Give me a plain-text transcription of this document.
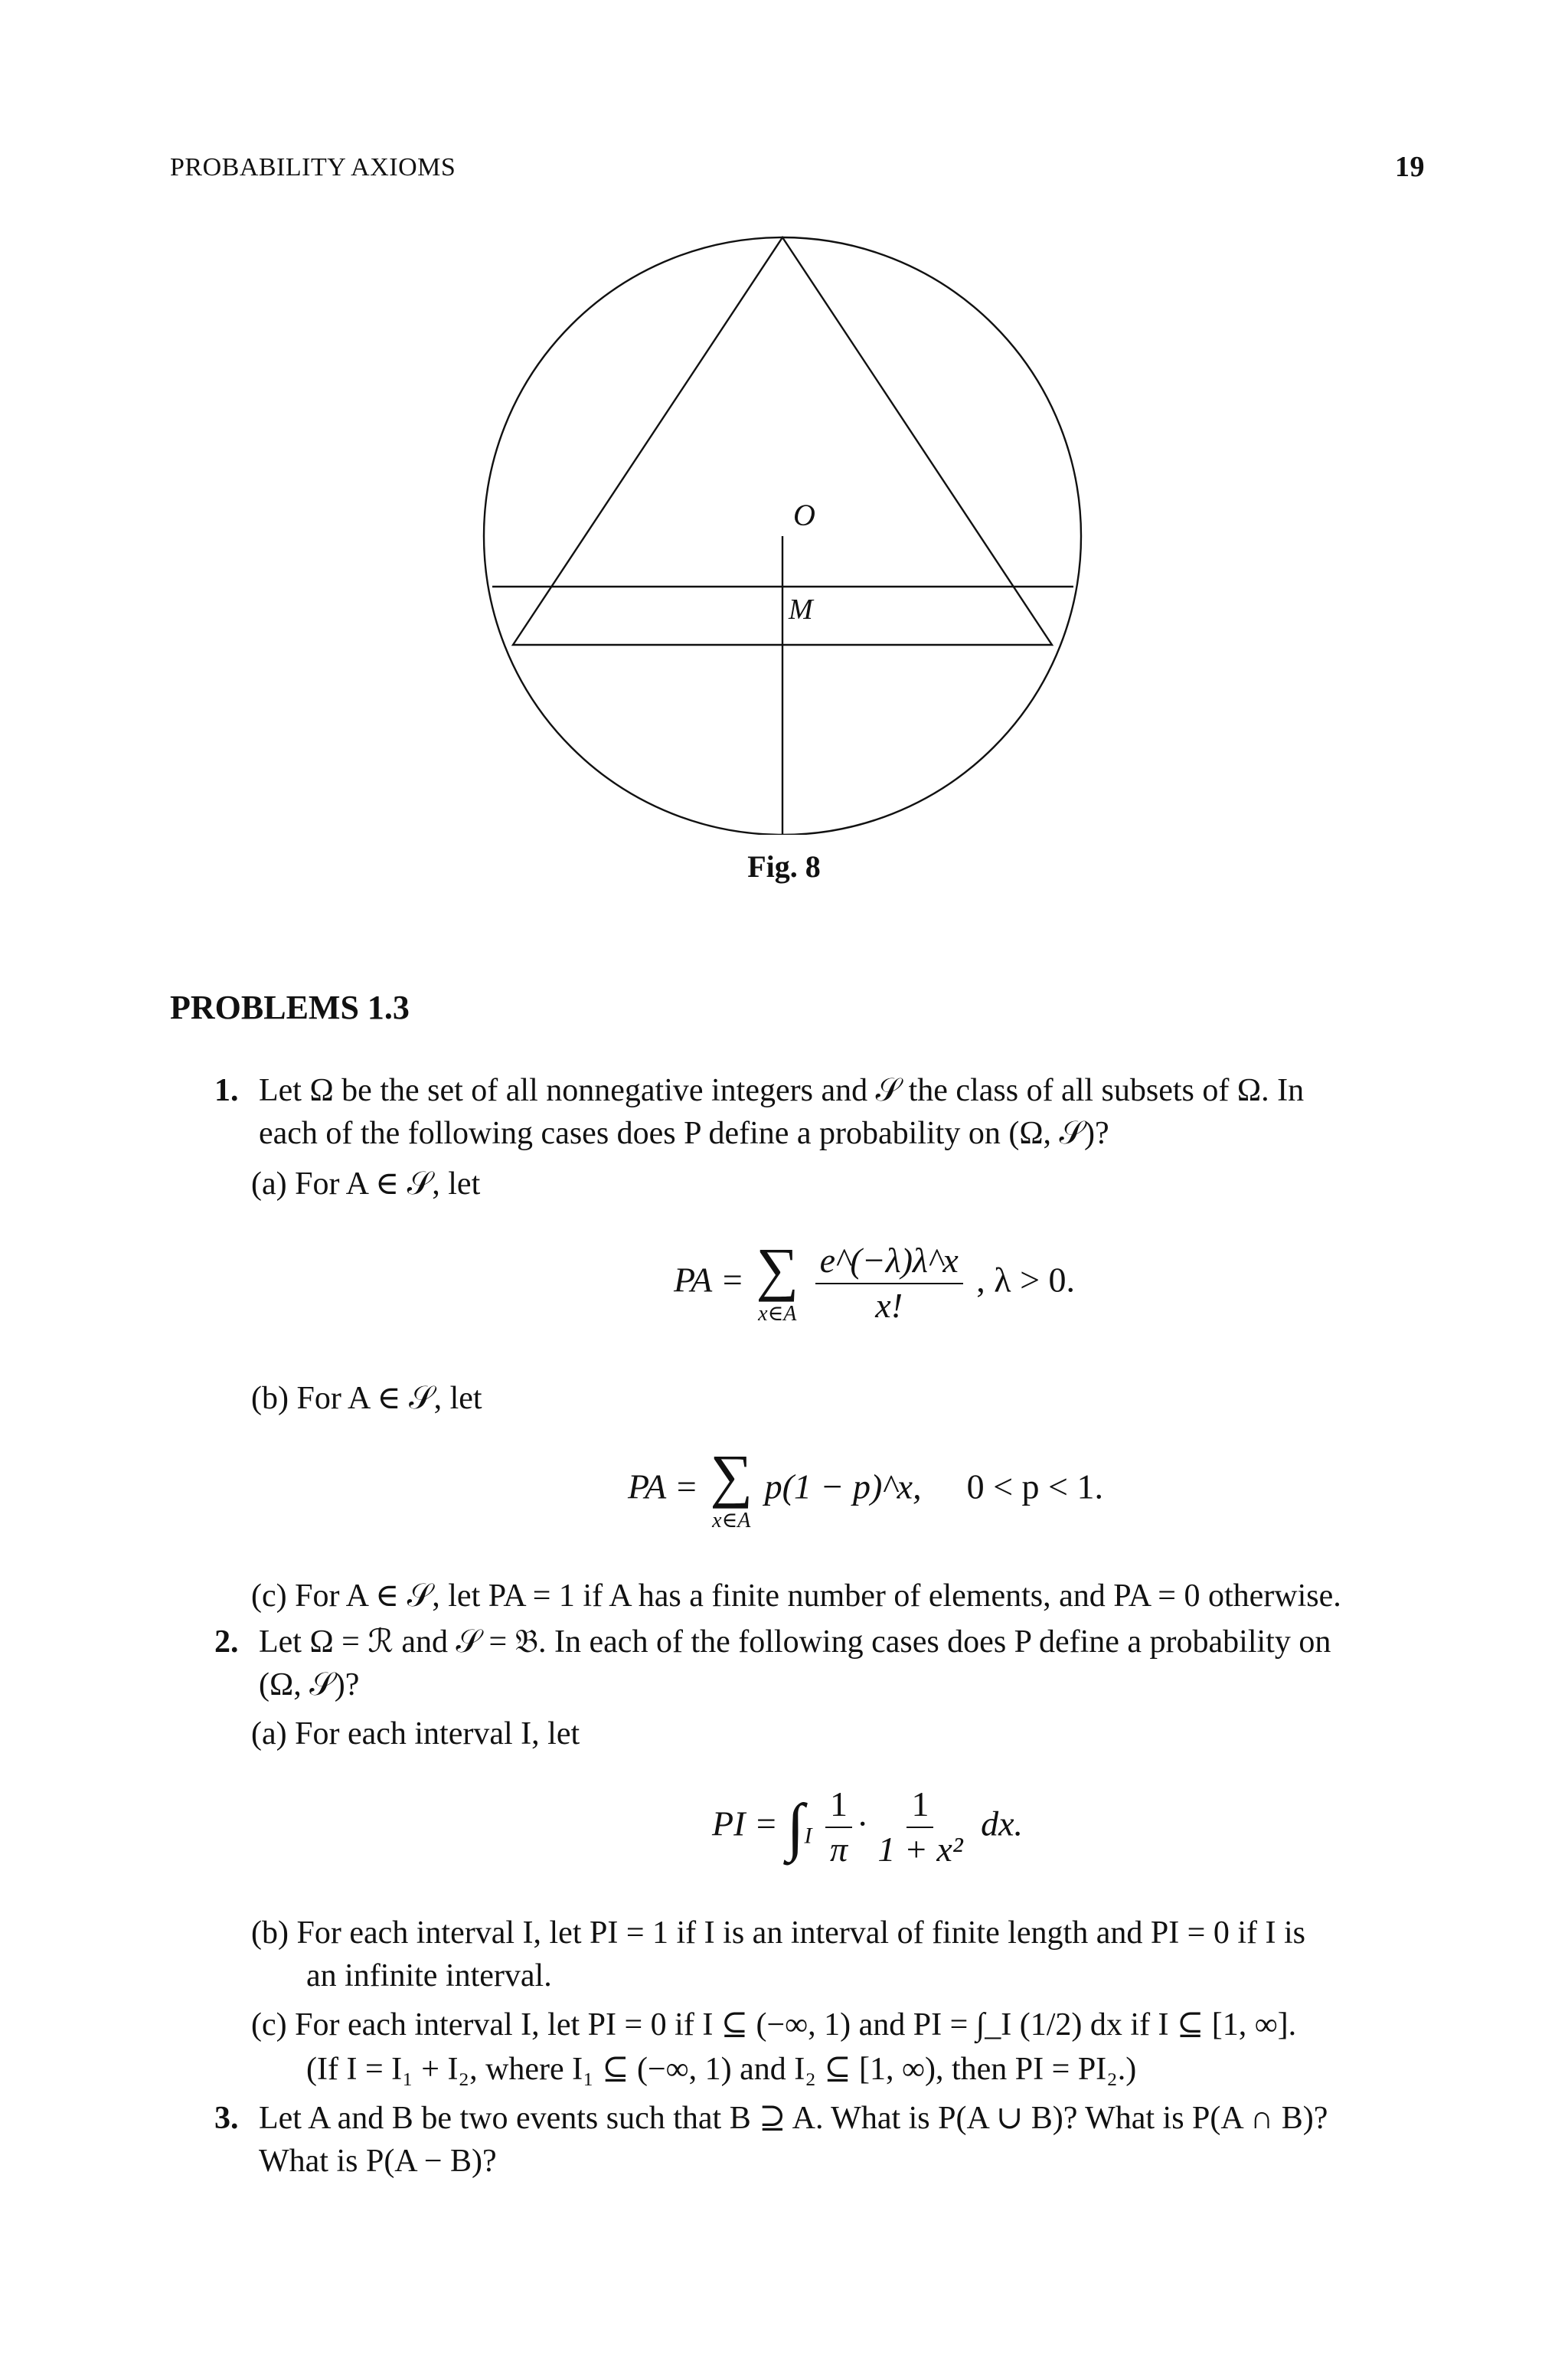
PROBABILITY AXIOMS	19
O
M
Fig. 8
PROBLEMS 1.3
1. Let Ω be the set of all nonnegative integers and 𝒮 the class of all subsets of Ω. In
each of the following cases does P define a probability on (Ω, 𝒮)?
(a) For A ∈ 𝒮, let
PA = ∑
x∈A
$\frac{e\^{}(-\lambda)\lambda\^{}x}{x!}$ , λ > 0.
(b) For A ∈ 𝒮, let
PA = ∑
x∈A
p(1 − p)^x, 0 < p < 1.
(c) For A ∈ 𝒮, let PA = 1 if A has a finite number of elements, and PA = 0 otherwise.
2. Let Ω = ℛ and 𝒮 = 𝔅. In each of the following cases does P define a probability on
(Ω, 𝒮)?
(a) For each interval I, let
PI = $\int_I \frac{1}{\pi} \cdot \frac{1}{\text{1 + x²}}$ dx.
(b) For each interval I, let PI = 1 if I is an interval of finite length and PI = 0 if I is
an infinite interval.
(c) For each interval I, let PI = 0 if I ⊆ (−∞, 1) and PI = ∫_I (1/2) dx if I ⊆ [1, ∞].
(If I = I₁ + I₂, where I₁ ⊆ (−∞, 1) and I₂ ⊆ [1, ∞), then PI = PI₂.)
3. Let A and B be two events such that B ⊇ A. What is P(A ∪ B)? What is P(A ∩ B)?
What is P(A − B)?
